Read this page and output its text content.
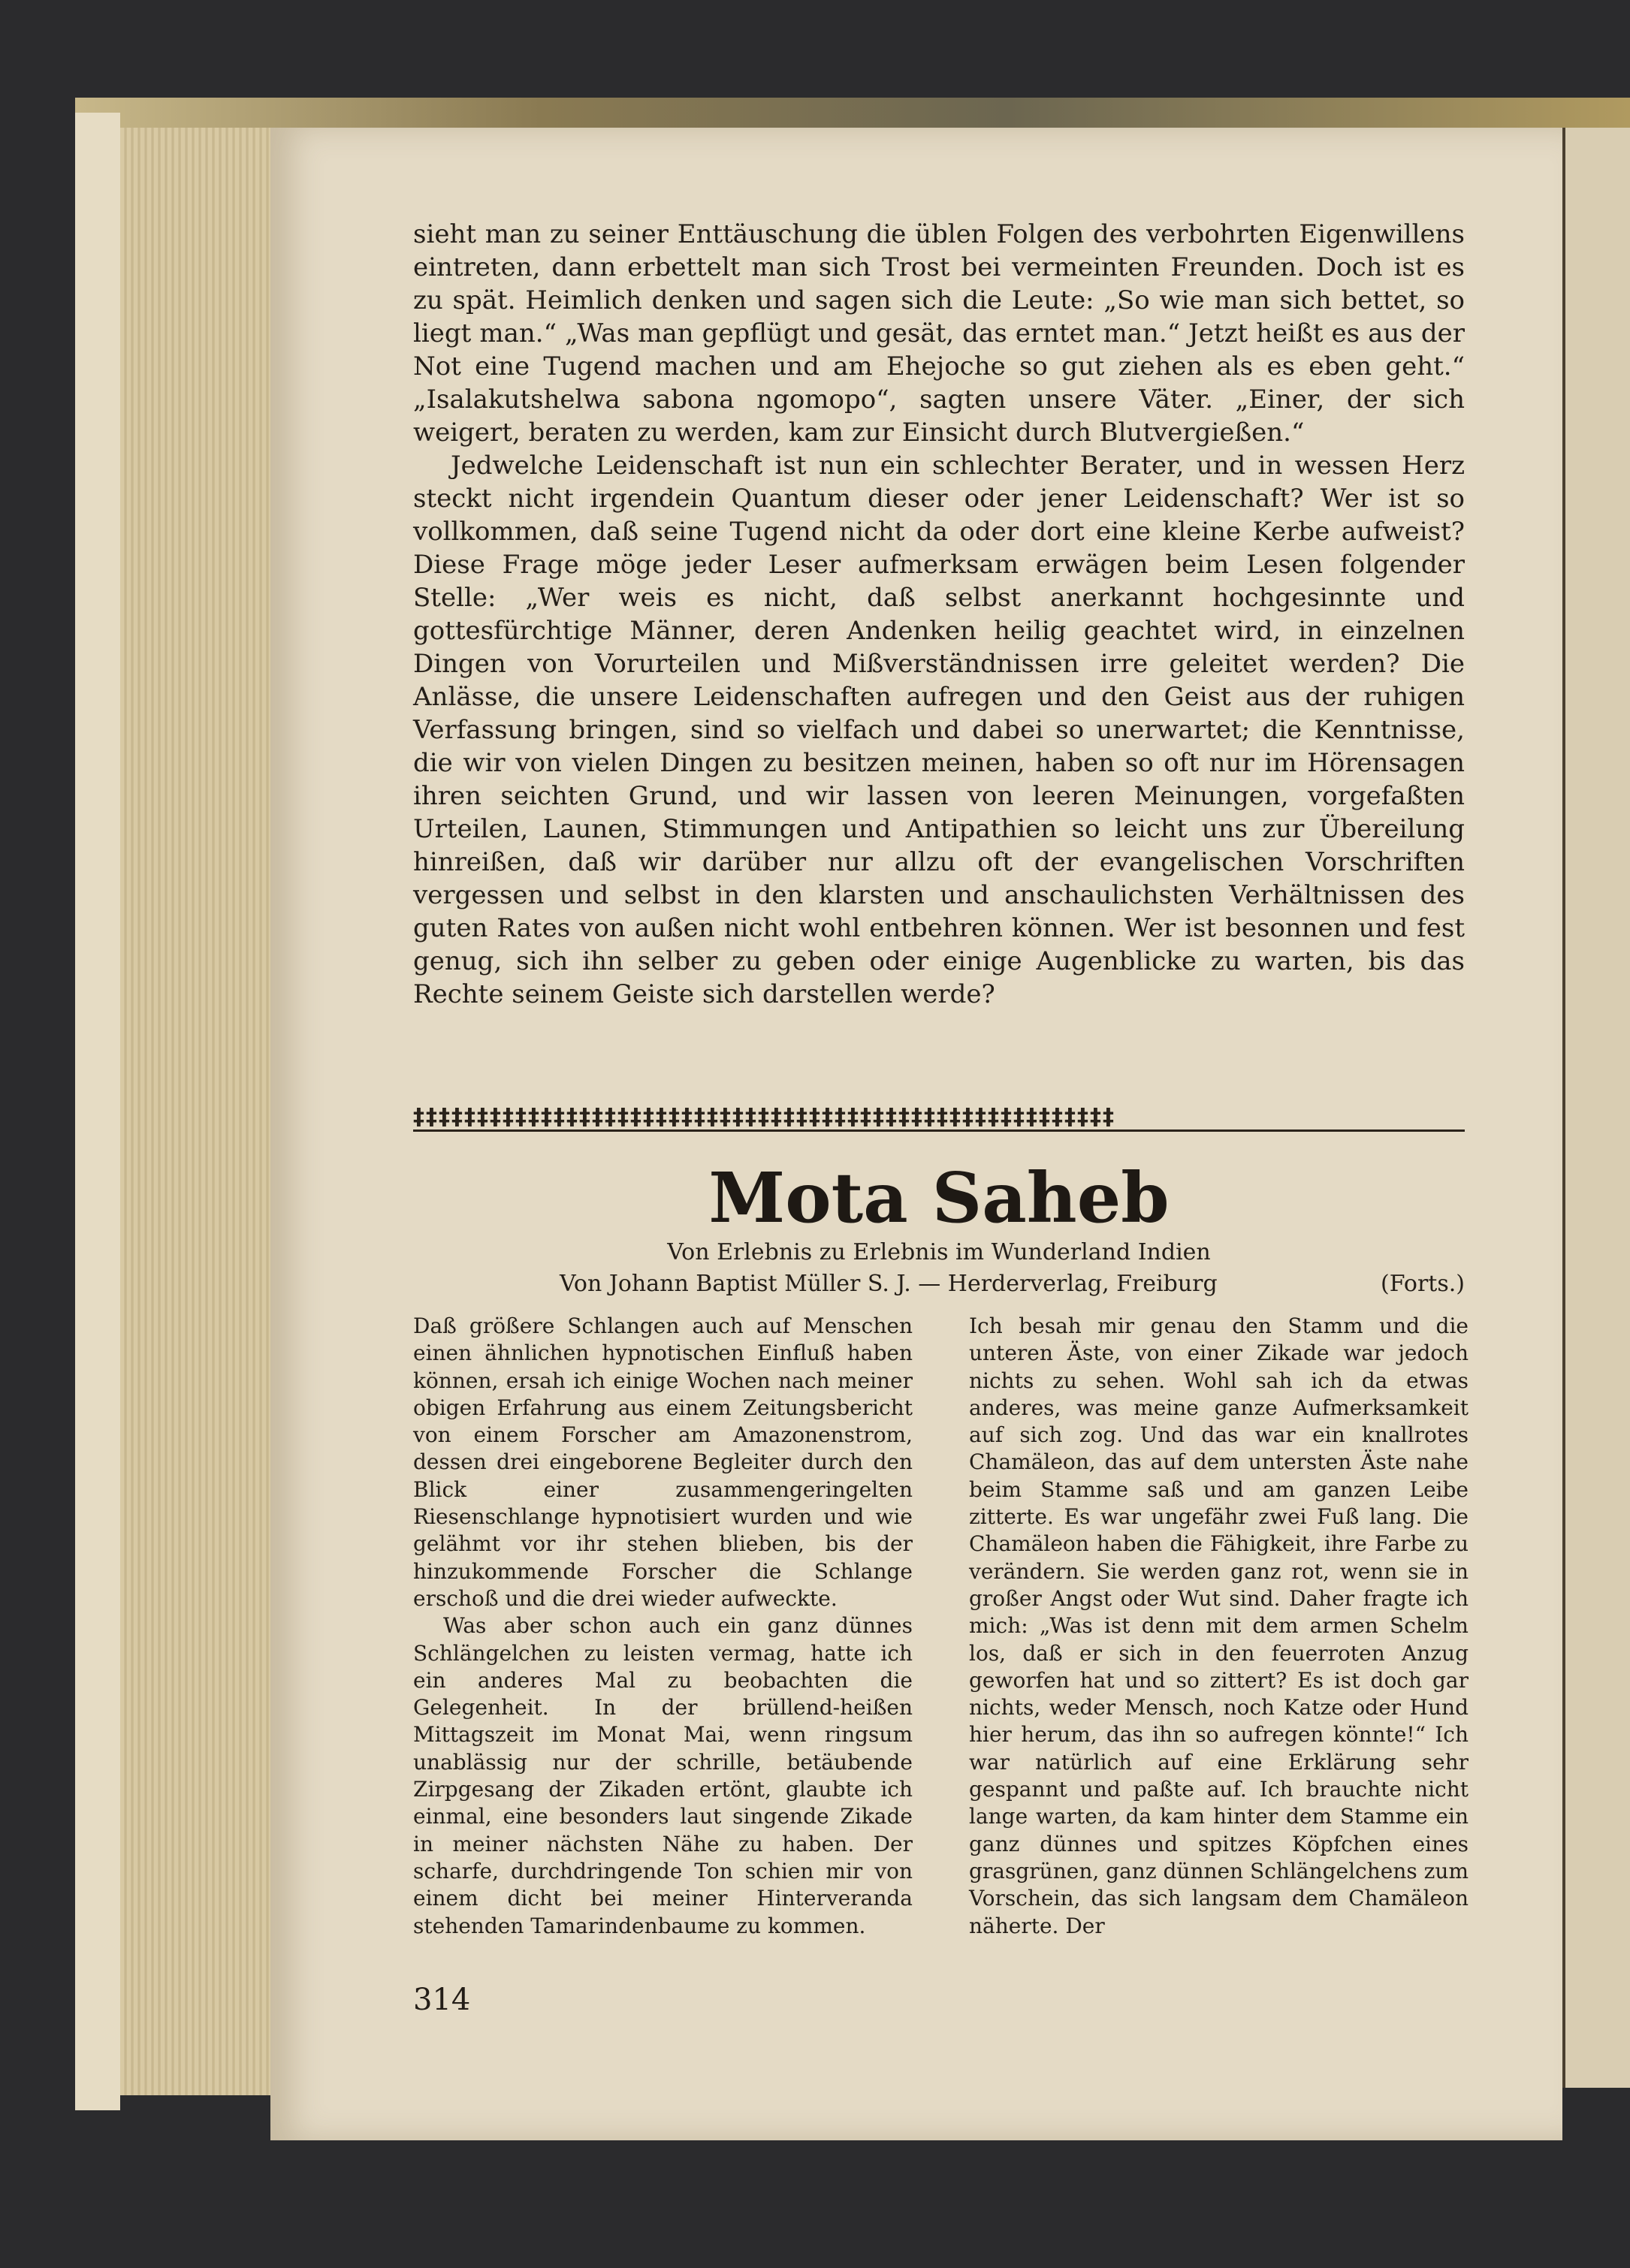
sieht man zu seiner Enttäuschung die üblen Folgen des verbohrten Eigenwillens eintreten, dann erbettelt man sich Trost bei vermeinten Freunden. Doch ist es zu spät. Heimlich denken und sagen sich die Leute: „So wie man sich bettet, so liegt man.“ „Was man gepflügt und gesät, das erntet man.“ Jetzt heißt es aus der Not eine Tugend machen und am Ehejoche so gut ziehen als es eben geht.“ „Isalakutshelwa sabona ngomopo“, sagten unsere Väter. „Einer, der sich weigert, beraten zu werden, kam zur Einsicht durch Blutvergießen.“

Jedwelche Leidenschaft ist nun ein schlechter Berater, und in wessen Herz steckt nicht irgendein Quantum dieser oder jener Leidenschaft? Wer ist so vollkommen, daß seine Tugend nicht da oder dort eine kleine Kerbe aufweist? Diese Frage möge jeder Leser aufmerksam erwägen beim Lesen folgender Stelle: „Wer weis es nicht, daß selbst anerkannt hochgesinnte und gottesfürchtige Männer, deren Andenken heilig geachtet wird, in einzelnen Dingen von Vorurteilen und Mißverständnissen irre geleitet werden? Die Anlässe, die unsere Leidenschaften aufregen und den Geist aus der ruhigen Verfassung bringen, sind so vielfach und dabei so unerwartet; die Kenntnisse, die wir von vielen Dingen zu besitzen meinen, haben so oft nur im Hörensagen ihren seichten Grund, und wir lassen von leeren Meinungen, vorgefaßten Urteilen, Launen, Stimmungen und Antipathien so leicht uns zur Übereilung hinreißen, daß wir darüber nur allzu oft der evangelischen Vorschriften vergessen und selbst in den klarsten und anschaulichsten Verhältnissen des guten Rates von außen nicht wohl entbehren können. Wer ist besonnen und fest genug, sich ihn selber zu geben oder einige Augenblicke zu warten, bis das Rechte seinem Geiste sich darstellen werde?

‡‡‡‡‡‡‡‡‡‡‡‡‡‡‡‡‡‡‡‡‡‡‡‡‡‡‡‡‡‡‡‡‡‡‡‡‡‡‡‡‡‡‡‡‡‡‡‡‡‡‡‡‡‡‡
Mota Saheb
Von Erlebnis zu Erlebnis im Wunderland Indien
Von Johann Baptist Müller S. J. — Herderverlag, Freiburg	(Forts.)

Daß größere Schlangen auch auf Menschen einen ähnlichen hypnotischen Einfluß haben können, ersah ich einige Wochen nach meiner obigen Erfahrung aus einem Zeitungsbericht von einem Forscher am Amazonenstrom, dessen drei eingeborene Begleiter durch den Blick einer zusammengeringelten Riesenschlange hypnotisiert wurden und wie gelähmt vor ihr stehen blieben, bis der hinzukommende Forscher die Schlange erschoß und die drei wieder aufweckte.

Was aber schon auch ein ganz dünnes Schlängelchen zu leisten vermag, hatte ich ein anderes Mal zu beobachten die Gelegenheit. In der brüllend-heißen Mittagszeit im Monat Mai, wenn ringsum unablässig nur der schrille, betäubende Zirpgesang der Zikaden ertönt, glaubte ich einmal, eine besonders laut singende Zikade in meiner nächsten Nähe zu haben. Der scharfe, durchdringende Ton schien mir von einem dicht bei meiner Hinterveranda stehenden Tamarindenbaume zu kommen.

Ich besah mir genau den Stamm und die unteren Äste, von einer Zikade war jedoch nichts zu sehen. Wohl sah ich da etwas anderes, was meine ganze Aufmerksamkeit auf sich zog. Und das war ein knallrotes Chamäleon, das auf dem untersten Äste nahe beim Stamme saß und am ganzen Leibe zitterte. Es war ungefähr zwei Fuß lang. Die Chamäleon haben die Fähigkeit, ihre Farbe zu verändern. Sie werden ganz rot, wenn sie in großer Angst oder Wut sind. Daher fragte ich mich: „Was ist denn mit dem armen Schelm los, daß er sich in den feuerroten Anzug geworfen hat und so zittert? Es ist doch gar nichts, weder Mensch, noch Katze oder Hund hier herum, das ihn so aufregen könnte!“ Ich war natürlich auf eine Erklärung sehr gespannt und paßte auf. Ich brauchte nicht lange warten, da kam hinter dem Stamme ein ganz dünnes und spitzes Köpfchen eines grasgrünen, ganz dünnen Schlängelchens zum Vorschein, das sich langsam dem Chamäleon näherte. Der

314
